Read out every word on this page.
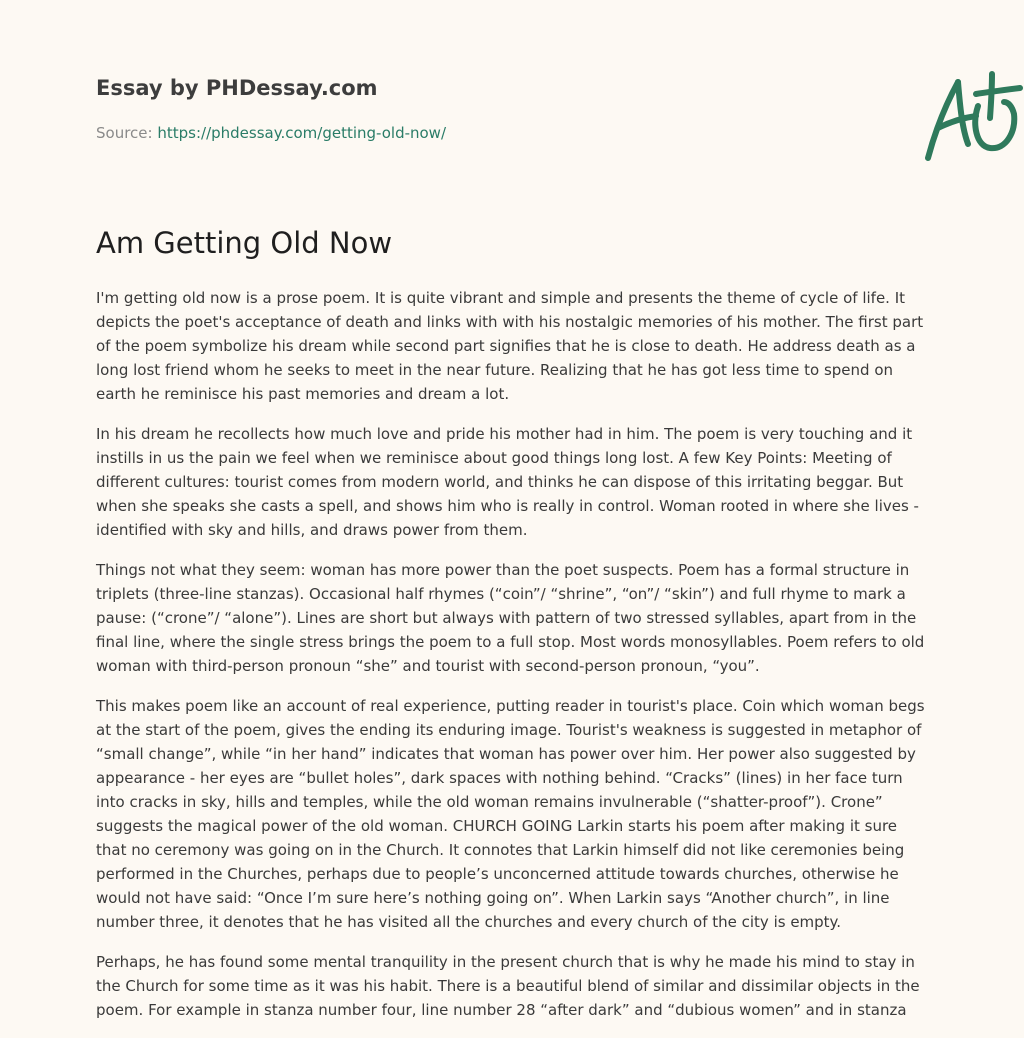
Essay by PHDessay.com
Source: https://phdessay.com/getting-old-now/
Am Getting Old Now

I'm getting old now is a prose poem. It is quite vibrant and simple and presents the theme of cycle of life. It depicts the poet's acceptance of death and links with with his nostalgic memories of his mother. The first part of the poem symbolize his dream while second part signifies that he is close to death. He address death as a long lost friend whom he seeks to meet in the near future. Realizing that he has got less time to spend on earth he reminisce his past memories and dream a lot.

In his dream he recollects how much love and pride his mother had in him. The poem is very touching and it instills in us the pain we feel when we reminisce about good things long lost. A few Key Points: Meeting of different cultures: tourist comes from modern world, and thinks he can dispose of this irritating beggar. But when she speaks she casts a spell, and shows him who is really in control. Woman rooted in where she lives - identified with sky and hills, and draws power from them.

Things not what they seem: woman has more power than the poet suspects. Poem has a formal structure in triplets (three-line stanzas). Occasional half rhymes (“coin”/ “shrine”, “on”/ “skin”) and full rhyme to mark a pause: (“crone”/ “alone”). Lines are short but always with pattern of two stressed syllables, apart from in the final line, where the single stress brings the poem to a full stop. Most words monosyllables. Poem refers to old woman with third-person pronoun “she” and tourist with second-person pronoun, “you”.

This makes poem like an account of real experience, putting reader in tourist's place. Coin which woman begs at the start of the poem, gives the ending its enduring image. Tourist's weakness is suggested in metaphor of “small change”, while “in her hand” indicates that woman has power over him. Her power also suggested by appearance - her eyes are “bullet holes”, dark spaces with nothing behind. “Cracks” (lines) in her face turn into cracks in sky, hills and temples, while the old woman remains invulnerable (“shatter-proof”). Crone” suggests the magical power of the old woman. CHURCH GOING Larkin starts his poem after making it sure that no ceremony was going on in the Church. It connotes that Larkin himself did not like ceremonies being performed in the Churches, perhaps due to people’s unconcerned attitude towards churches, otherwise he would not have said: “Once I’m sure here’s nothing going on”. When Larkin says “Another church”, in line number three, it denotes that he has visited all the churches and every church of the city is empty.

Perhaps, he has found some mental tranquility in the present church that is why he made his mind to stay in the Church for some time as it was his habit. There is a beautiful blend of similar and dissimilar objects in the poem. For example in stanza number four, line number 28 “after dark” and “dubious women” and in stanza
